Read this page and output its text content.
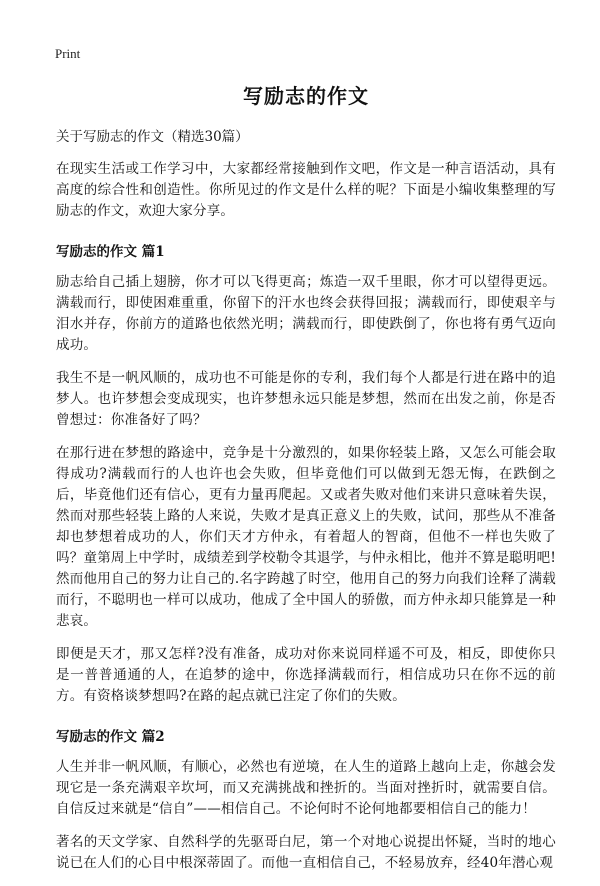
Print
写励志的作文
关于写励志的作文（精选30篇）

在现实生活或工作学习中，大家都经常接触到作文吧，作文是一种言语活动，具有高度的综合性和创造性。你所见过的作文是什么样的呢？下面是小编收集整理的写励志的作文，欢迎大家分享。

写励志的作文 篇1

励志给自己插上翅膀，你才可以飞得更高；炼造一双千里眼，你才可以望得更远。满载而行，即使困难重重，你留下的汗水也终会获得回报；满载而行，即使艰辛与泪水并存，你前方的道路也依然光明；满载而行，即使跌倒了，你也将有勇气迈向成功。

我生不是一帆风顺的，成功也不可能是你的专利，我们每个人都是行进在路中的追梦人。也许梦想会变成现实，也许梦想永远只能是梦想，然而在出发之前，你是否曾想过：你准备好了吗？

在那行进在梦想的路途中，竞争是十分激烈的，如果你轻装上路，又怎么可能会取得成功?满载而行的人也许也会失败，但毕竟他们可以做到无怨无悔，在跌倒之后，毕竟他们还有信心，更有力量再爬起。又或者失败对他们来讲只意味着失误，然而对那些轻装上路的人来说，失败才是真正意义上的失败，试问，那些从不准备却也梦想着成功的人，你们天才方仲永，有着超人的智商，但他不一样也失败了吗？童第周上中学时，成绩差到学校勒令其退学，与仲永相比，他并不算是聪明吧!然而他用自己的努力让自己的.名字跨越了时空，他用自己的努力向我们诠释了满载而行，不聪明也一样可以成功，他成了全中国人的骄傲，而方仲永却只能算是一种悲哀。

即便是天才，那又怎样?没有准备，成功对你来说同样遥不可及，相反，即使你只是一普普通通的人，在追梦的途中，你选择满载而行，相信成功只在你不远的前方。有资格谈梦想吗?在路的起点就已注定了你们的失败。

写励志的作文 篇2

人生并非一帆风顺，有顺心，必然也有逆境，在人生的道路上越向上走，你越会发现它是一条充满艰辛坎坷，而又充满挑战和挫折的。当面对挫折时，就需要自信。自信反过来就是“信自”——相信自己。不论何时不论何地都要相信自己的能力！

著名的天文学家、自然科学的先驱哥白尼，第一个对地心说提出怀疑，当时的地心说已在人们的心目中根深蒂固了。而他一直相信自己，不轻易放弃，经40年潜心观
